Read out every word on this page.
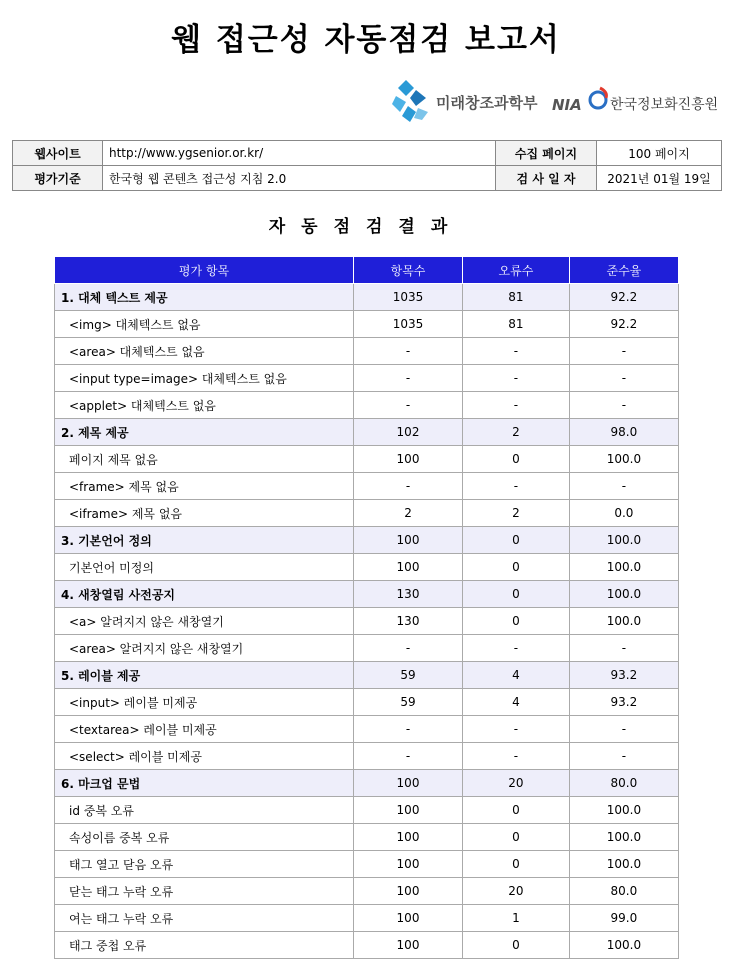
웹 접근성 자동점검 보고서
미래창조과학부 NIA 한국정보화진흥원
웹사이트	http://www.ygsenior.or.kr/	수집 페이지	100 페이지
평가기준	한국형 웹 콘텐츠 접근성 지침 2.0	검 사 일 자	2021년 01월 19일
자동점검결과
평가 항목	항목수	오류수	준수율
1. 대체 텍스트 제공	1035	81	92.2
<img> 대체텍스트 없음	1035	81	92.2
<area> 대체텍스트 없음	-	-	-
<input type=image> 대체텍스트 없음	-	-	-
<applet> 대체텍스트 없음	-	-	-
2. 제목 제공	102	2	98.0
페이지 제목 없음	100	0	100.0
<frame> 제목 없음	-	-	-
<iframe> 제목 없음	2	2	0.0
3. 기본언어 정의	100	0	100.0
기본언어 미정의	100	0	100.0
4. 새창열림 사전공지	130	0	100.0
<a> 알려지지 않은 새창열기	130	0	100.0
<area> 알려지지 않은 새창열기	-	-	-
5. 레이블 제공	59	4	93.2
<input> 레이블 미제공	59	4	93.2
<textarea> 레이블 미제공	-	-	-
<select> 레이블 미제공	-	-	-
6. 마크업 문법	100	20	80.0
id 중복 오류	100	0	100.0
속성이름 중복 오류	100	0	100.0
태그 열고 닫음 오류	100	0	100.0
닫는 태그 누락 오류	100	20	80.0
여는 태그 누락 오류	100	1	99.0
태그 중첩 오류	100	0	100.0
